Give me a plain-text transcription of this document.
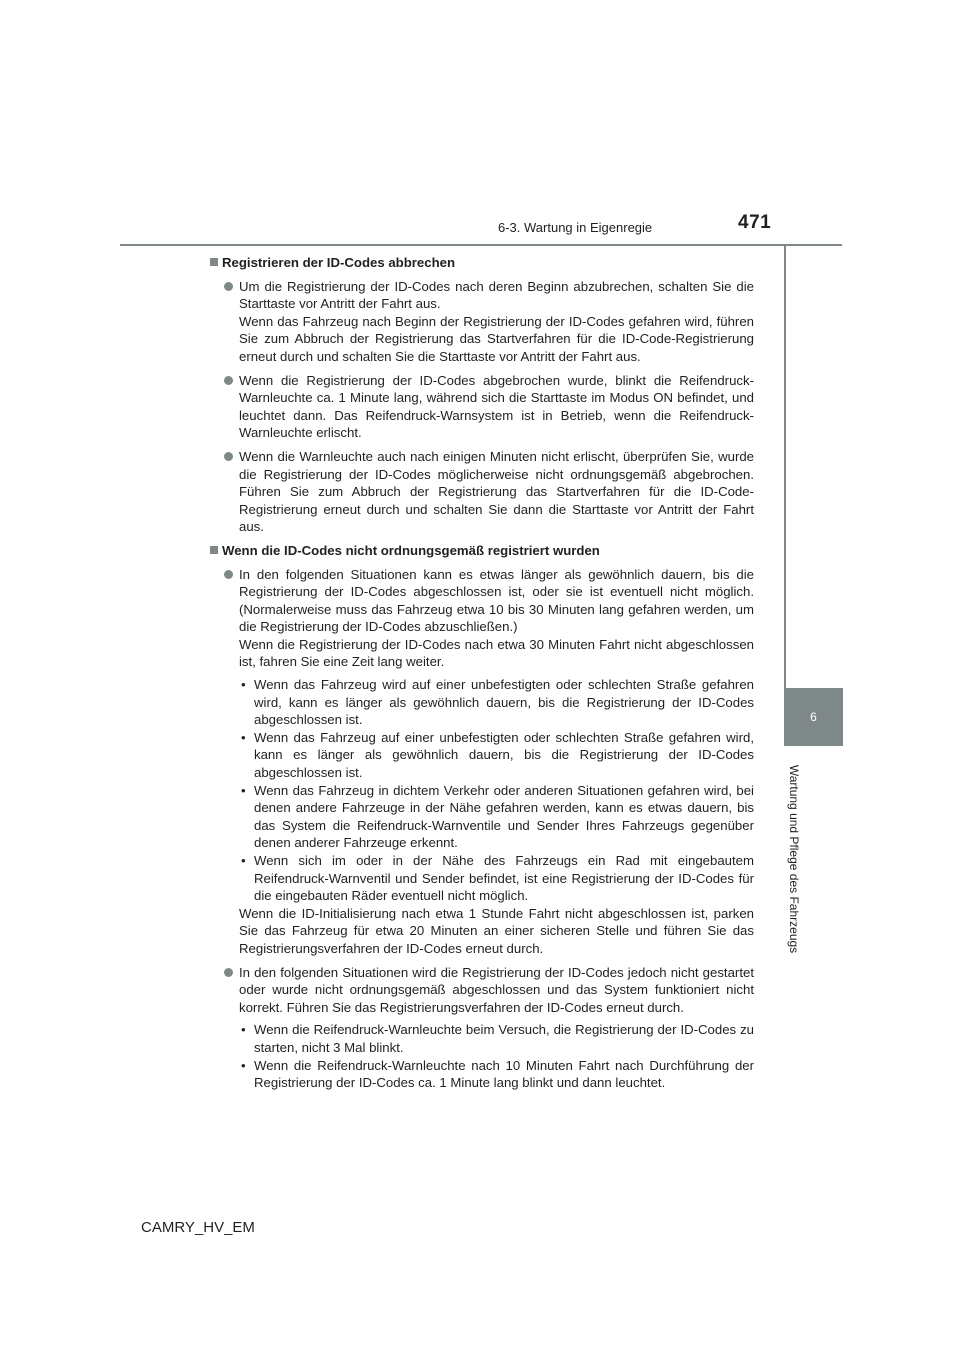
6-3. Wartung in Eigenregie	471
6
Wartung und Pflege des Fahrzeugs
Registrieren der ID-Codes abbrechen
Um die Registrierung der ID-Codes nach deren Beginn abzubrechen, schalten Sie die Starttaste vor Antritt der Fahrt aus.
Wenn das Fahrzeug nach Beginn der Registrierung der ID-Codes gefahren wird, führen Sie zum Abbruch der Registrierung das Startverfahren für die ID-Code-Registrierung erneut durch und schalten Sie die Starttaste vor Antritt der Fahrt aus.
Wenn die Registrierung der ID-Codes abgebrochen wurde, blinkt die Reifendruck-Warnleuchte ca. 1 Minute lang, während sich die Starttaste im Modus ON befindet, und leuchtet dann. Das Reifendruck-Warnsystem ist in Betrieb, wenn die Reifendruck-Warnleuchte erlischt.
Wenn die Warnleuchte auch nach einigen Minuten nicht erlischt, überprüfen Sie, wurde die Registrierung der ID-Codes möglicherweise nicht ordnungsgemäß abgebrochen. Führen Sie zum Abbruch der Registrierung das Startverfahren für die ID-Code-Registrierung erneut durch und schalten Sie dann die Starttaste vor Antritt der Fahrt aus.
Wenn die ID-Codes nicht ordnungsgemäß registriert wurden
In den folgenden Situationen kann es etwas länger als gewöhnlich dauern, bis die Registrierung der ID-Codes abgeschlossen ist, oder sie ist eventuell nicht möglich. (Normalerweise muss das Fahrzeug etwa 10 bis 30 Minuten lang gefahren werden, um die Registrierung der ID-Codes abzuschließen.)
Wenn die Registrierung der ID-Codes nach etwa 30 Minuten Fahrt nicht abgeschlossen ist, fahren Sie eine Zeit lang weiter.
• Wenn das Fahrzeug wird auf einer unbefestigten oder schlechten Straße gefahren wird, kann es länger als gewöhnlich dauern, bis die Registrierung der ID-Codes abgeschlossen ist.
• Wenn das Fahrzeug auf einer unbefestigten oder schlechten Straße gefahren wird, kann es länger als gewöhnlich dauern, bis die Registrierung der ID-Codes abgeschlossen ist.
• Wenn das Fahrzeug in dichtem Verkehr oder anderen Situationen gefahren wird, bei denen andere Fahrzeuge in der Nähe gefahren werden, kann es etwas dauern, bis das System die Reifendruck-Warnventile und Sender Ihres Fahrzeugs gegenüber denen anderer Fahrzeuge erkennt.
• Wenn sich im oder in der Nähe des Fahrzeugs ein Rad mit eingebautem Reifendruck-Warnventil und Sender befindet, ist eine Registrierung der ID-Codes für die eingebauten Räder eventuell nicht möglich.
Wenn die ID-Initialisierung nach etwa 1 Stunde Fahrt nicht abgeschlossen ist, parken Sie das Fahrzeug für etwa 20 Minuten an einer sicheren Stelle und führen Sie das Registrierungsverfahren der ID-Codes erneut durch.
In den folgenden Situationen wird die Registrierung der ID-Codes jedoch nicht gestartet oder wurde nicht ordnungsgemäß abgeschlossen und das System funktioniert nicht korrekt. Führen Sie das Registrierungsverfahren der ID-Codes erneut durch.
• Wenn die Reifendruck-Warnleuchte beim Versuch, die Registrierung der ID-Codes zu starten, nicht 3 Mal blinkt.
• Wenn die Reifendruck-Warnleuchte nach 10 Minuten Fahrt nach Durchführung der Registrierung der ID-Codes ca. 1 Minute lang blinkt und dann leuchtet.
CAMRY_HV_EM
